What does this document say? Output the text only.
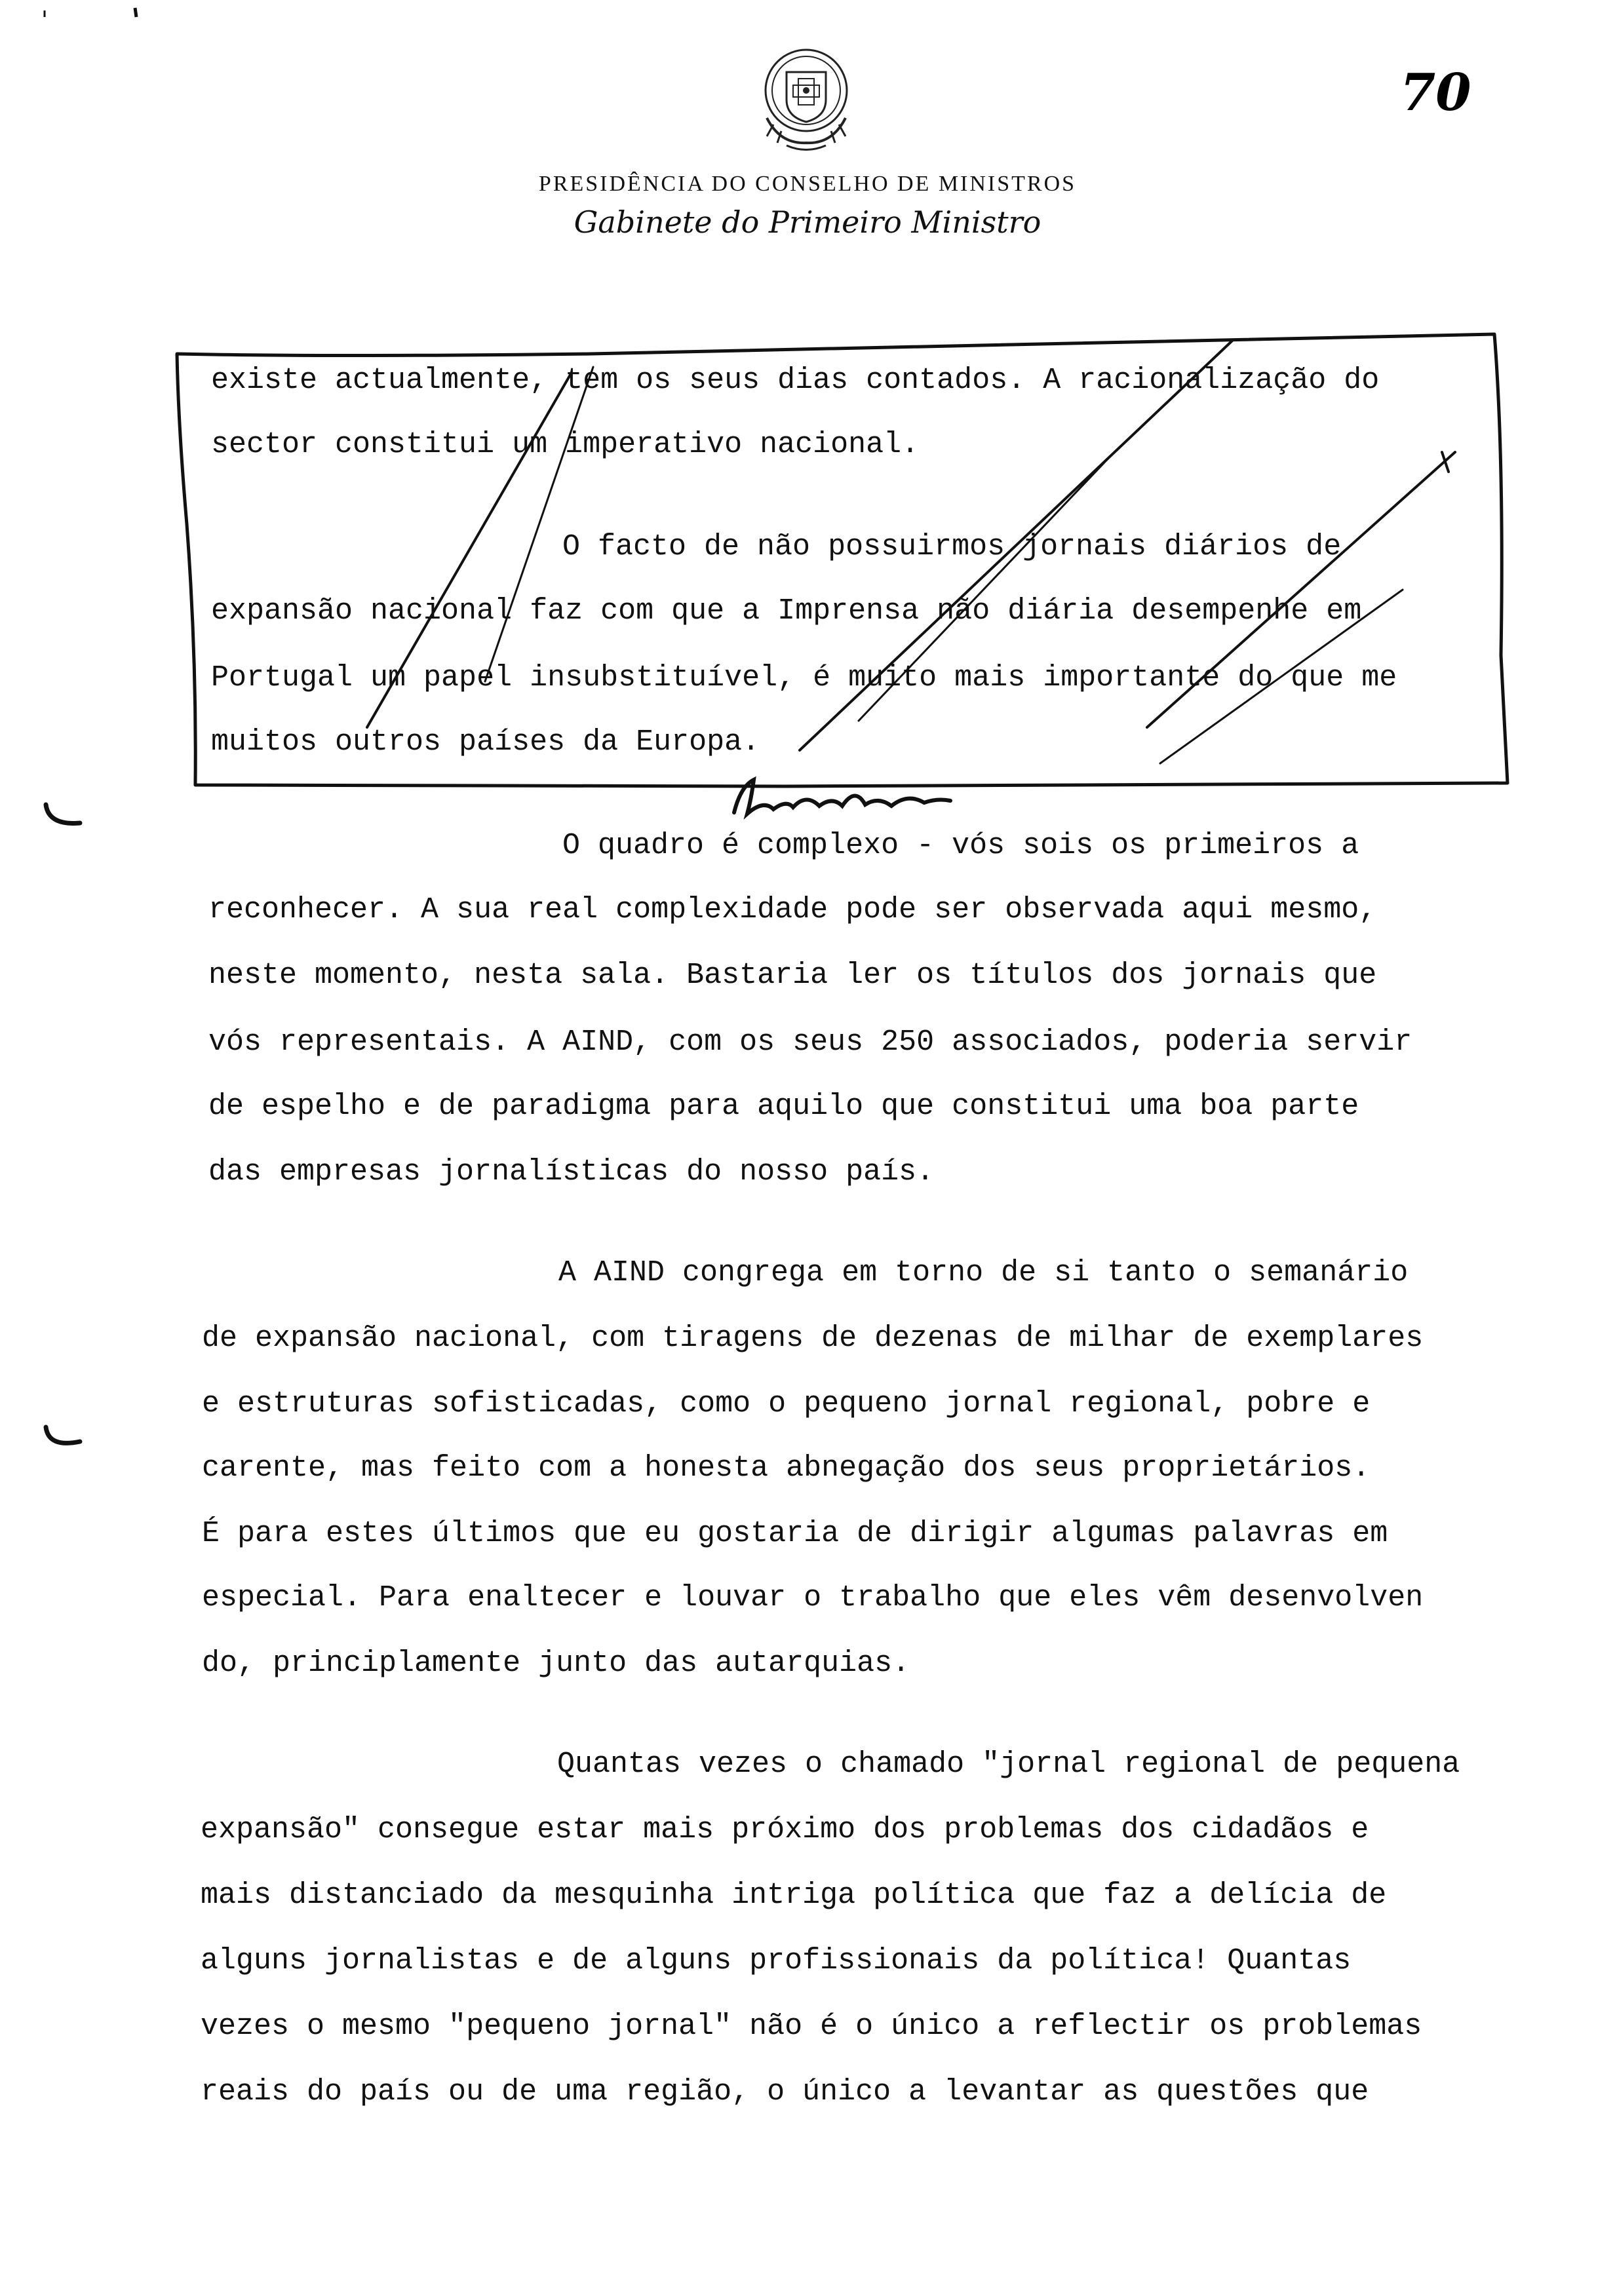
70
PRESIDÊNCIA DO CONSELHO DE MINISTROS
Gabinete do Primeiro Ministro
existe actualmente, tem os seus dias contados. A racionalização do
sector constitui um imperativo nacional.
O facto de não possuirmos jornais diários de
expansão nacional faz com que a Imprensa não diária desempenhe em
Portugal um papel insubstituível, é muito mais importante do que me
muitos outros países da Europa.
O quadro é complexo - vós sois os primeiros a
reconhecer. A sua real complexidade pode ser observada aqui mesmo,
neste momento, nesta sala. Bastaria ler os títulos dos jornais que
vós representais. A AIND, com os seus 250 associados, poderia servir
de espelho e de paradigma para aquilo que constitui uma boa parte
das empresas jornalísticas do nosso país.
A AIND congrega em torno de si tanto o semanário
de expansão nacional, com tiragens de dezenas de milhar de exemplares
e estruturas sofisticadas, como o pequeno jornal regional, pobre e
carente, mas feito com a honesta abnegação dos seus proprietários.
É para estes últimos que eu gostaria de dirigir algumas palavras em
especial. Para enaltecer e louvar o trabalho que eles vêm desenvolven
do, principlamente junto das autarquias.
Quantas vezes o chamado "jornal regional de pequena
expansão" consegue estar mais próximo dos problemas dos cidadãos e
mais distanciado da mesquinha intriga política que faz a delícia de
alguns jornalistas e de alguns profissionais da política! Quantas
vezes o mesmo "pequeno jornal" não é o único a reflectir os problemas
reais do país ou de uma região, o único a levantar as questões que
